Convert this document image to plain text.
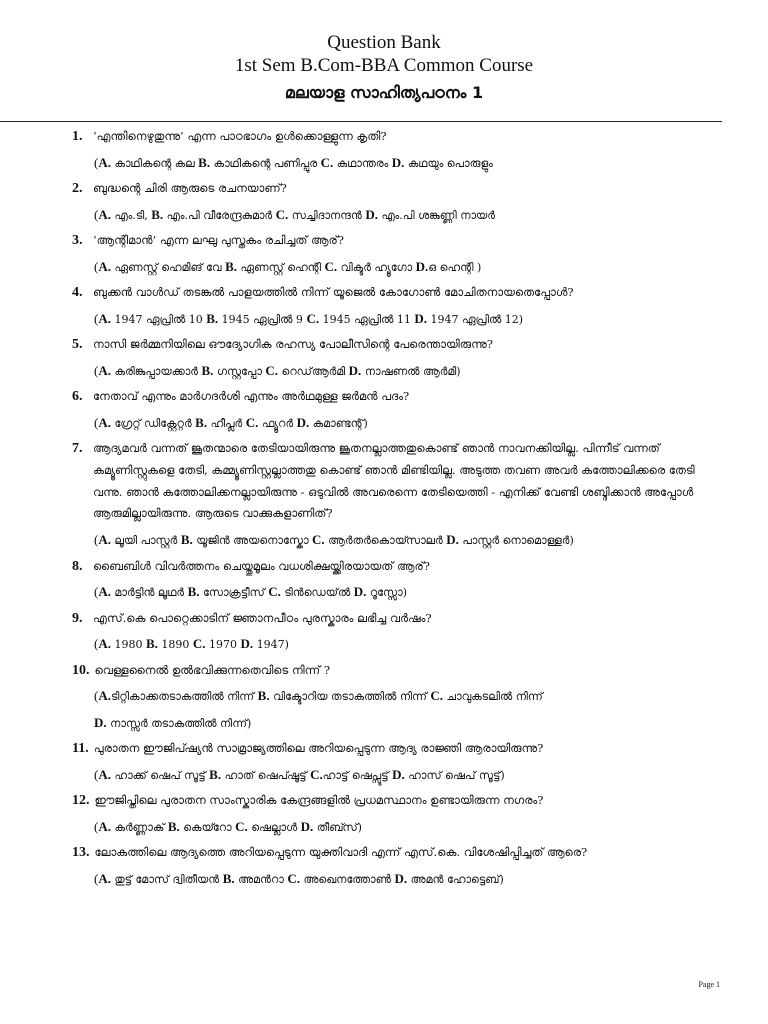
Question Bank
1st Sem B.Com-BBA Common Course
മലയാള സാഹിത്യപഠനം 1
1. ‘എന്തിനെഴുതുന്നു’ എന്ന പാഠഭാഗം ഉൾക്കൊള്ളുന്ന കൃതി?
(A. കാഥികന്റെ കല B. കാഥികന്റെ പണിപ്പുര C. കഥാന്തരം D. കഥയും പൊരുളും
2. ബുദ്ധന്റെ ചിരി ആരുടെ രചനയാണ്?
(A. എം.ടി, B. എം.പി വീരേന്ദ്രകുമാർ C. സച്ചിദാനന്ദൻ D. എം.പി ശങ്കുണ്ണി നായർ
3. ‘ആന്റിമാൻ’ എന്ന ലഘു പുസ്തകം രചിച്ചത് ആര്?
(A. ഏണസ്റ്റ് ഹെമിങ് വേ B. ഏണസ്റ്റ് ഹെന്റി C. വിക്ടർ ഹ്യൂഗോ D.ഒ ഹെന്റി )
4. ബുക്കൻ വാൾഡ് തടങ്കൽ പാളയത്തിൽ നിന്ന് യൂജെൽ കോഗോൺ മോചിതനായതെപ്പോൾ?
(A. 1947 ഏപ്രിൽ 10 B. 1945 ഏപ്രിൽ 9 C. 1945 ഏപ്രിൽ 11 D. 1947 ഏപ്രിൽ 12)
5. നാസി ജർമ്മനിയിലെ ഔദ്യോഗിക രഹസ്യ പോലീസിന്റെ പേരെന്തായിരുന്നു?
(A. കരിങ്കുപ്പായക്കാർ B. ഗസ്റ്റപ്പോ C. റെഡ്ആർമി D. നാഷണൽ ആർമി)
6. നേതാവ് എന്നും മാർഗദർശി എന്നും അർഥമുള്ള ജർമൻ പദം?
(A. ഗ്രേറ്റ് ഡിക്റ്റേറ്റർ B. ഹീപ്ലർ C. ഫ്യൂറർ D. കമാണ്ടന്റ്)
7. ആദ്യമവർ വന്നത് ജൂതന്മാരെ തേടിയായിരുന്നു ജൂതനല്ലാത്തതുകൊണ്ട് ഞാൻ നാവനക്കിയില്ല. പിന്നീട് വന്നത് കമ്യൂണിസ്റ്റുകളെ തേടി, കമ്മ്യൂണിസ്റ്റല്ലാത്തതു കൊണ്ട് ഞാൻ മിണ്ടിയില്ല. അടുത്ത തവണ അവർ കത്തോലിക്കരെ തേടി വന്നു. ഞാൻ കത്തോലിക്കനല്ലായിരുന്നു - ഒടുവിൽ അവരെന്നെ തേടിയെത്തി - എനിക്ക് വേണ്ടി ശബ്ദിക്കാൻ അപ്പോൾ ആരുമില്ലായിരുന്നു. ആരുടെ വാക്കുകളാണിത്?
(A. ലൂയി പാസ്റ്റർ B. യൂജിൻ അയനൊസ്കോ C. ആർതർകൊയ്സാലർ D. പാസ്റ്റർ നൊമൊള്ളർ)
8. ബൈബിൾ വിവർത്തനം ചെയ്തുമൂലം വധശിക്ഷയ്ക്കിരയായത് ആര്?
(A. മാർട്ടിൻ ലൂഥർ B. സോക്രട്ടീസ് C. ടിൻഡെയ്ൽ D. റൂസ്സോ)
9. എസ്.കെ പൊറ്റെക്കാടിന് ജ്ഞാനപീഠം പുരസ്കാരം ലഭിച്ച വർഷം?
(A. 1980 B. 1890 C. 1970 D. 1947)
10. വെള്ളനൈൽ ഉൽഭവിക്കുന്നതെവിടെ നിന്ന് ?
(A.ടിറ്റികാക്കതടാകത്തിൽ നിന്ന് B. വിക്ടോറിയ തടാകത്തിൽ നിന്ന് C. ചാവുകടലിൽ നിന്ന്
D. നാസ്സർ തടാകത്തിൽ നിന്ന്)
11. പുരാതന ഈജിപ്ഷ്യൻ സാമ്രാജ്യത്തിലെ അറിയപ്പെടുന്ന ആദ്യ രാജ്ഞി ആരായിരുന്നു?
(A. ഹാക്ക് ഷെപ് സൂട്ട് B. ഹാത് ഷെപ്ഷൂട്ട് C.ഹാട്ട് ഷെപ്സൂട്ട് D. ഹാസ് ഷെപ് സൂട്ട്)
12. ഈജിപ്തിലെ പുരാതന സാംസ്കാരിക കേന്ദ്രങ്ങളിൽ പ്രധമസ്ഥാനം ഉണ്ടായിരുന്ന നഗരം?
(A. കർണ്ണാക് B. കെയ്റോ C. ഷെല്ലാൾ D. തീബ്സ്)
13. ലോകത്തിലെ ആദ്യത്തെ അറിയപ്പെടുന്ന യുക്തിവാദി എന്ന് എസ്.കെ. വിശേഷിപ്പിച്ചത് ആരെ?
(A. തുട്ട് മോസ് ദ്വിതീയൻ B. അമൻറാ C. അഖെനത്തോൺ D. അമൻ ഹോട്ടെബ്)
Page 1
